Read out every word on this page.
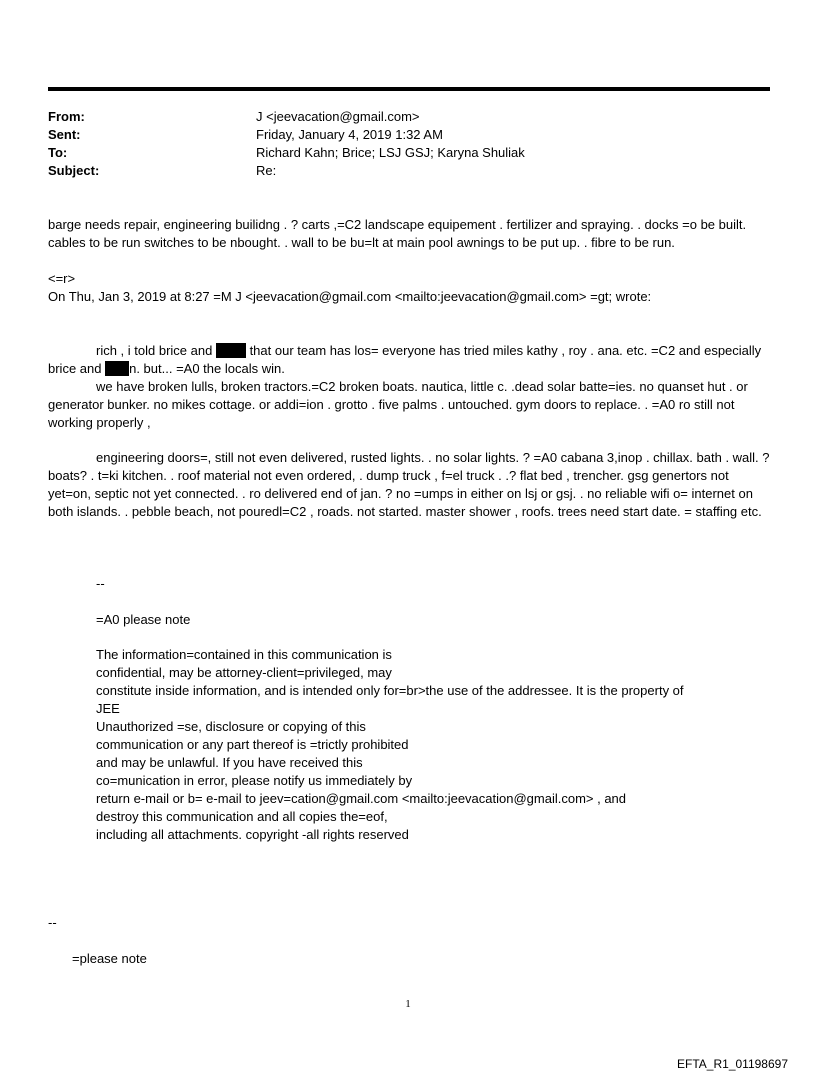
From:	J <jeevacation@gmail.com>
Sent:	Friday, January 4, 2019 1:32 AM
To:	Richard Kahn; Brice; LSJ GSJ; Karyna Shuliak
Subject:	Re:

barge needs repair, engineering builidng . ? carts ,=C2 landscape equipement . fertilizer and spraying. . docks =o be built. cables to be run switches to be nbought. . wall to be bu=lt at main pool awnings to be put up. . fibre to be run.

<=r>

On Thu, Jan 3, 2019 at 8:27 =M J <jeevacation@gmail.com <mailto:jeevacation@gmail.com> =gt; wrote:

rich , i told brice and  that our team has los= everyone has tried miles kathy , roy . ana. etc. =C2 and especially brice and n. but... =A0 the locals win.

we have broken lulls, broken tractors.=C2 broken boats. nautica, little c. .dead solar batte=ies. no quanset hut . or generator bunker. no mikes cottage. or addi=ion . grotto . five palms . untouched. gym doors to replace. . =A0 ro still not working properly ,

engineering doors=, still not even delivered, rusted lights. . no solar lights. ? =A0 cabana 3,inop . chillax. bath . wall. ?boats? . t=ki kitchen. . roof material not even ordered, . dump truck , f=el truck . .? flat bed , trencher. gsg genertors not yet=on, septic not yet connected. . ro delivered end of jan. ? no =umps in either on lsj or gsj. . no reliable wifi o= internet on both islands. . pebble beach, not pouredl=C2 , roads. not started. master shower , roofs. trees need start date. = staffing etc.

--
=A0 please note
The information=contained in this communication is
confidential, may be attorney-client=privileged, may
constitute inside information, and is intended only for=br>the use of the addressee. It is the property of
JEE
Unauthorized =se, disclosure or copying of this
communication or any part thereof is =trictly prohibited
and may be unlawful. If you have received this
co=munication in error, please notify us immediately by
return e-mail or b= e-mail to jeev=cation@gmail.com <mailto:jeevacation@gmail.com> , and
destroy this communication and all copies the=eof,
including all attachments. copyright -all rights reserved
--
=please note
1
EFTA_R1_01198697
